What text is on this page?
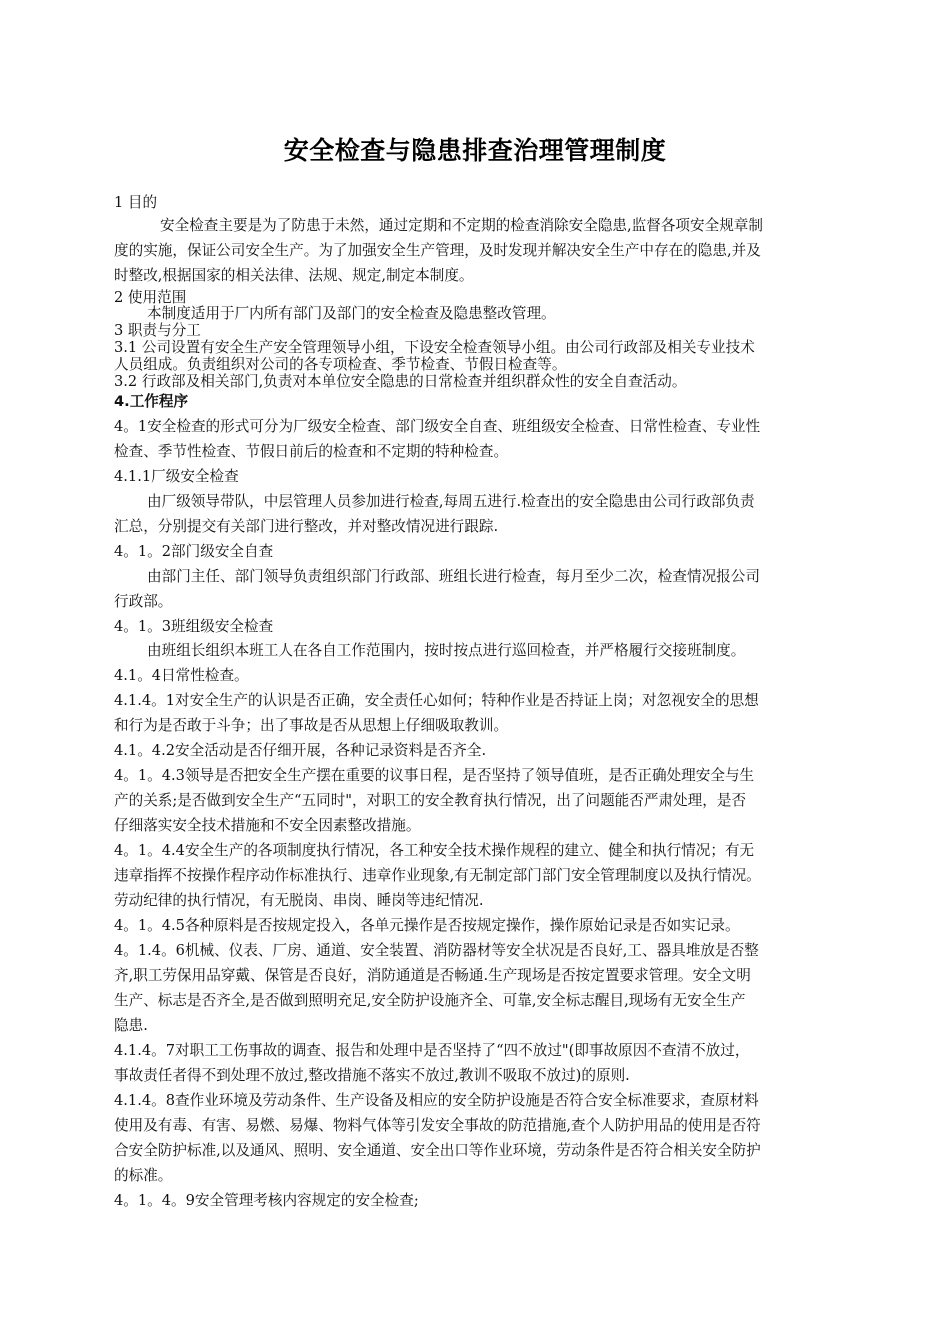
安全检查与隐患排查治理管理制度
1 目的
安全检查主要是为了防患于未然，通过定期和不定期的检查消除安全隐患,监督各项安全规章制
度的实施，保证公司安全生产。为了加强安全生产管理，及时发现并解决安全生产中存在的隐患,并及
时整改,根据国家的相关法律、法规、规定,制定本制度。
2 使用范围
本制度适用于厂内所有部门及部门的安全检查及隐患整改管理。
3 职责与分工
3.1 公司设置有安全生产安全管理领导小组，下设安全检查领导小组。由公司行政部及相关专业技术
人员组成。负责组织对公司的各专项检查、季节检查、节假日检查等。
3.2 行政部及相关部门,负责对本单位安全隐患的日常检查并组织群众性的安全自查活动。
4.工作程序
4。1安全检查的形式可分为厂级安全检查、部门级安全自查、班组级安全检查、日常性检查、专业性
检查、季节性检查、节假日前后的检查和不定期的特种检查。
4.1.1厂级安全检查
由厂级领导带队，中层管理人员参加进行检查,每周五进行.检查出的安全隐患由公司行政部负责
汇总，分别提交有关部门进行整改，并对整改情况进行跟踪.
4。1。2部门级安全自查
由部门主任、部门领导负责组织部门行政部、班组长进行检查，每月至少二次，检查情况报公司
行政部。
4。1。3班组级安全检查
由班组长组织本班工人在各自工作范围内，按时按点进行巡回检查，并严格履行交接班制度。
4.1。4日常性检查。
4.1.4。1对安全生产的认识是否正确，安全责任心如何；特种作业是否持证上岗；对忽视安全的思想
和行为是否敢于斗争；出了事故是否从思想上仔细吸取教训。
4.1。4.2安全活动是否仔细开展，各种记录资料是否齐全.
4。1。4.3领导是否把安全生产摆在重要的议事日程，是否坚持了领导值班，是否正确处理安全与生
产的关系;是否做到安全生产“五同时"，对职工的安全教育执行情况，出了问题能否严肃处理，是否
仔细落实安全技术措施和不安全因素整改措施。
4。1。4.4安全生产的各项制度执行情况，各工种安全技术操作规程的建立、健全和执行情况；有无
违章指挥不按操作程序动作标准执行、违章作业现象,有无制定部门部门安全管理制度以及执行情况。
劳动纪律的执行情况，有无脱岗、串岗、睡岗等违纪情况.
4。1。4.5各种原料是否按规定投入，各单元操作是否按规定操作，操作原始记录是否如实记录。
4。1.4。6机械、仪表、厂房、通道、安全装置、消防器材等安全状况是否良好,工、器具堆放是否整
齐,职工劳保用品穿戴、保管是否良好，消防通道是否畅通.生产现场是否按定置要求管理。安全文明
生产、标志是否齐全,是否做到照明充足,安全防护设施齐全、可靠,安全标志醒目,现场有无安全生产
隐患.
4.1.4。7对职工工伤事故的调查、报告和处理中是否坚持了“四不放过"(即事故原因不查清不放过，
事故责任者得不到处理不放过,整改措施不落实不放过,教训不吸取不放过)的原则.
4.1.4。8查作业环境及劳动条件、生产设备及相应的安全防护设施是否符合安全标准要求，查原材料
使用及有毒、有害、易燃、易爆、物料气体等引发安全事故的防范措施,查个人防护用品的使用是否符
合安全防护标准,以及通风、照明、安全通道、安全出口等作业环境，劳动条件是否符合相关安全防护
的标准。
4。1。4。9安全管理考核内容规定的安全检查;
